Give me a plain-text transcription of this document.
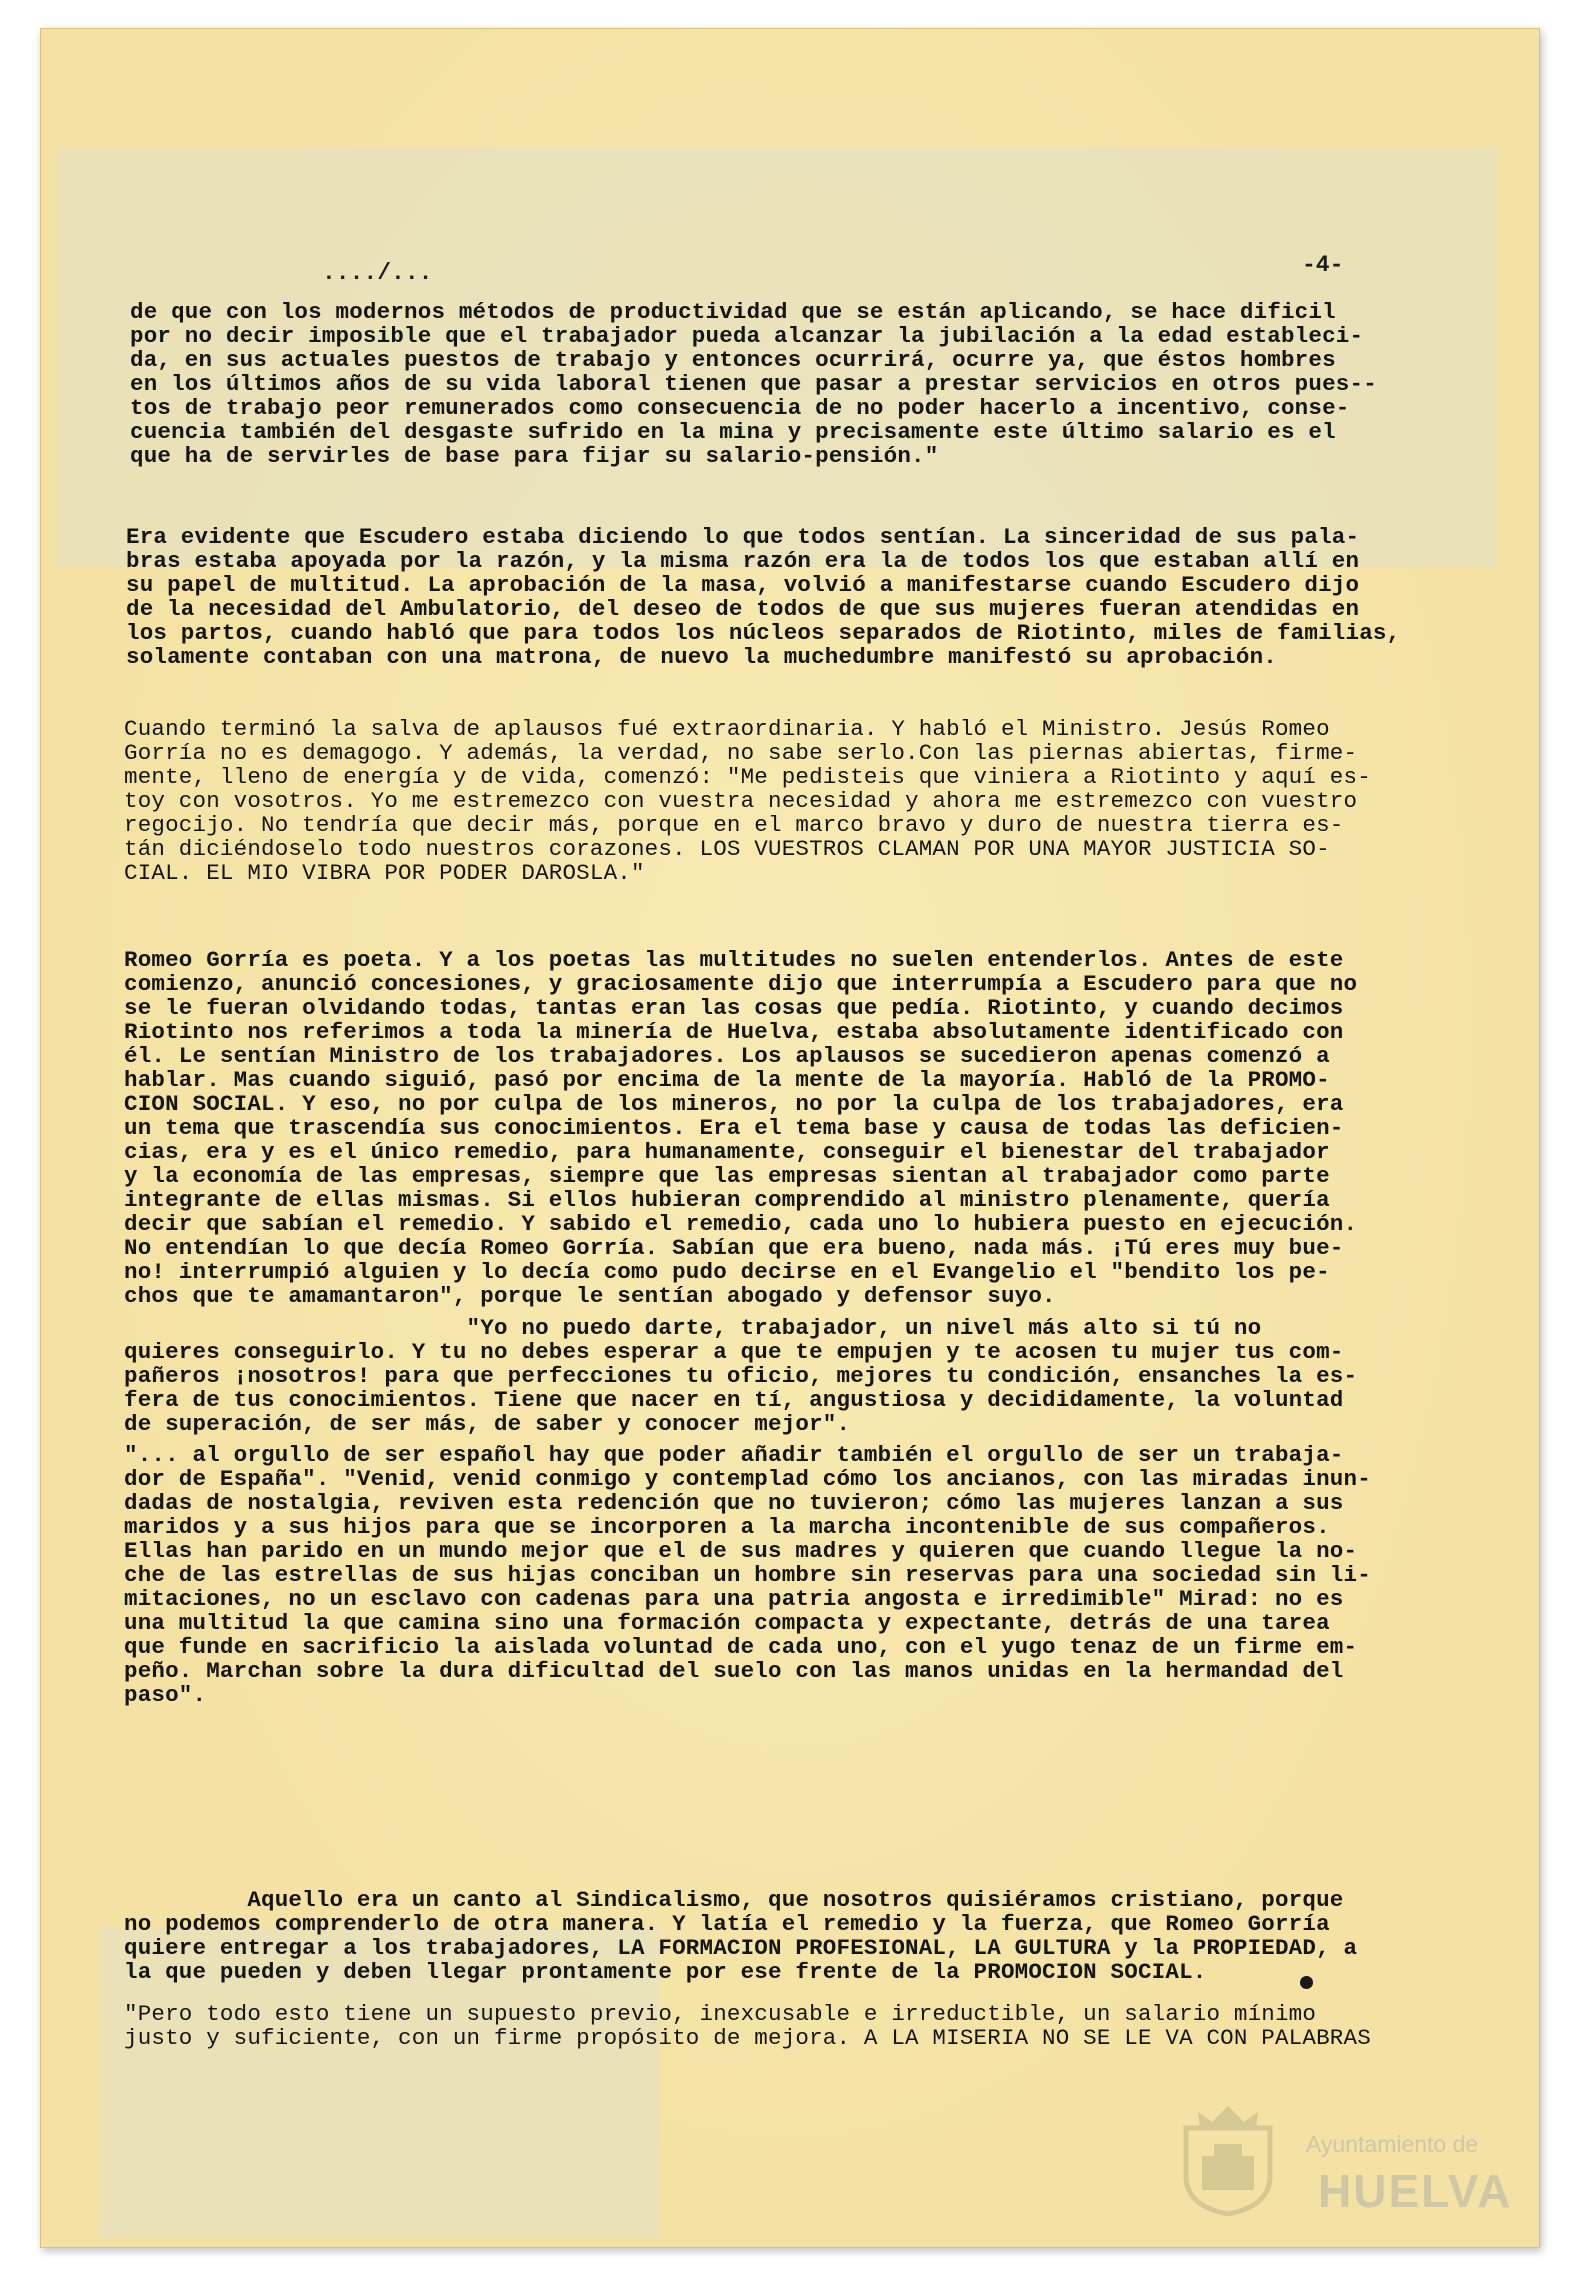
..../...	-4-
de que con los modernos métodos de productividad que se están aplicando, se hace dificil
por no decir imposible que el trabajador pueda alcanzar la jubilación a la edad estableci-
da, en sus actuales puestos de trabajo y entonces ocurrirá, ocurre ya, que éstos hombres
en los últimos años de su vida laboral tienen que pasar a prestar servicios en otros pues--
tos de trabajo peor remunerados como consecuencia de no poder hacerlo a incentivo, conse-
cuencia también del desgaste sufrido en la mina y precisamente este último salario es el
que ha de servirles de base para fijar su salario-pensión."
Era evidente que Escudero estaba diciendo lo que todos sentían. La sinceridad de sus pala-
bras estaba apoyada por la razón, y la misma razón era la de todos los que estaban allí en
su papel de multitud. La aprobación de la masa, volvió a manifestarse cuando Escudero dijo
de la necesidad del Ambulatorio, del deseo de todos de que sus mujeres fueran atendidas en
los partos, cuando habló que para todos los núcleos separados de Riotinto, miles de familias,
solamente contaban con una matrona, de nuevo la muchedumbre manifestó su aprobación.
Cuando terminó la salva de aplausos fué extraordinaria. Y habló el Ministro. Jesús Romeo
Gorría no es demagogo. Y además, la verdad, no sabe serlo.Con las piernas abiertas, firme-
mente, lleno de energía y de vida, comenzó: "Me pedisteis que viniera a Riotinto y aquí es-
toy con vosotros. Yo me estremezco con vuestra necesidad y ahora me estremezco con vuestro
regocijo. No tendría que decir más, porque en el marco bravo y duro de nuestra tierra es-
tán diciéndoselo todo nuestros corazones. LOS VUESTROS CLAMAN POR UNA MAYOR JUSTICIA SO-
CIAL. EL MIO VIBRA POR PODER DAROSLA."
Romeo Gorría es poeta. Y a los poetas las multitudes no suelen entenderlos. Antes de este
comienzo, anunció concesiones, y graciosamente dijo que interrumpía a Escudero para que no
se le fueran olvidando todas, tantas eran las cosas que pedía. Riotinto, y cuando decimos
Riotinto nos referimos a toda la minería de Huelva, estaba absolutamente identificado con
él. Le sentían Ministro de los trabajadores. Los aplausos se sucedieron apenas comenzó a
hablar. Mas cuando siguió, pasó por encima de la mente de la mayoría. Habló de la PROMO-
CION SOCIAL. Y eso, no por culpa de los mineros, no por la culpa de los trabajadores, era
un tema que trascendía sus conocimientos. Era el tema base y causa de todas las deficien-
cias, era y es el único remedio, para humanamente, conseguir el bienestar del trabajador
y la economía de las empresas, siempre que las empresas sientan al trabajador como parte
integrante de ellas mismas. Si ellos hubieran comprendido al ministro plenamente, quería
decir que sabían el remedio. Y sabido el remedio, cada uno lo hubiera puesto en ejecución.
No entendían lo que decía Romeo Gorría. Sabían que era bueno, nada más. ¡Tú eres muy bue-
no! interrumpió alguien y lo decía como pudo decirse en el Evangelio el "bendito los pe-
chos que te amamantaron", porque le sentían abogado y defensor suyo.
"Yo no puedo darte, trabajador, un nivel más alto si tú no
quieres conseguirlo. Y tu no debes esperar a que te empujen y te acosen tu mujer tus com-
pañeros ¡nosotros! para que perfecciones tu oficio, mejores tu condición, ensanches la es-
fera de tus conocimientos. Tiene que nacer en tí, angustiosa y decididamente, la voluntad
de superación, de ser más, de saber y conocer mejor".
"... al orgullo de ser español hay que poder añadir también el orgullo de ser un trabaja-
dor de España". "Venid, venid conmigo y contemplad cómo los ancianos, con las miradas inun-
dadas de nostalgia, reviven esta redención que no tuvieron; cómo las mujeres lanzan a sus
maridos y a sus hijos para que se incorporen a la marcha incontenible de sus compañeros.
Ellas han parido en un mundo mejor que el de sus madres y quieren que cuando llegue la no-
che de las estrellas de sus hijas conciban un hombre sin reservas para una sociedad sin li-
mitaciones, no un esclavo con cadenas para una patria angosta e irredimible" Mirad: no es
una multitud la que camina sino una formación compacta y expectante, detrás de una tarea
que funde en sacrificio la aislada voluntad de cada uno, con el yugo tenaz de un firme em-
peño. Marchan sobre la dura dificultad del suelo con las manos unidas en la hermandad del
paso".
Aquello era un canto al Sindicalismo, que nosotros quisiéramos cristiano, porque
no podemos comprenderlo de otra manera. Y latía el remedio y la fuerza, que Romeo Gorría
quiere entregar a los trabajadores, LA FORMACION PROFESIONAL, LA GULTURA y la PROPIEDAD, a
la que pueden y deben llegar prontamente por ese frente de la PROMOCION SOCIAL.
"Pero todo esto tiene un supuesto previo, inexcusable e irreductible, un salario mínimo
justo y suficiente, con un firme propósito de mejora. A LA MISERIA NO SE LE VA CON PALABRAS
Ayuntamiento de
HUELVA
